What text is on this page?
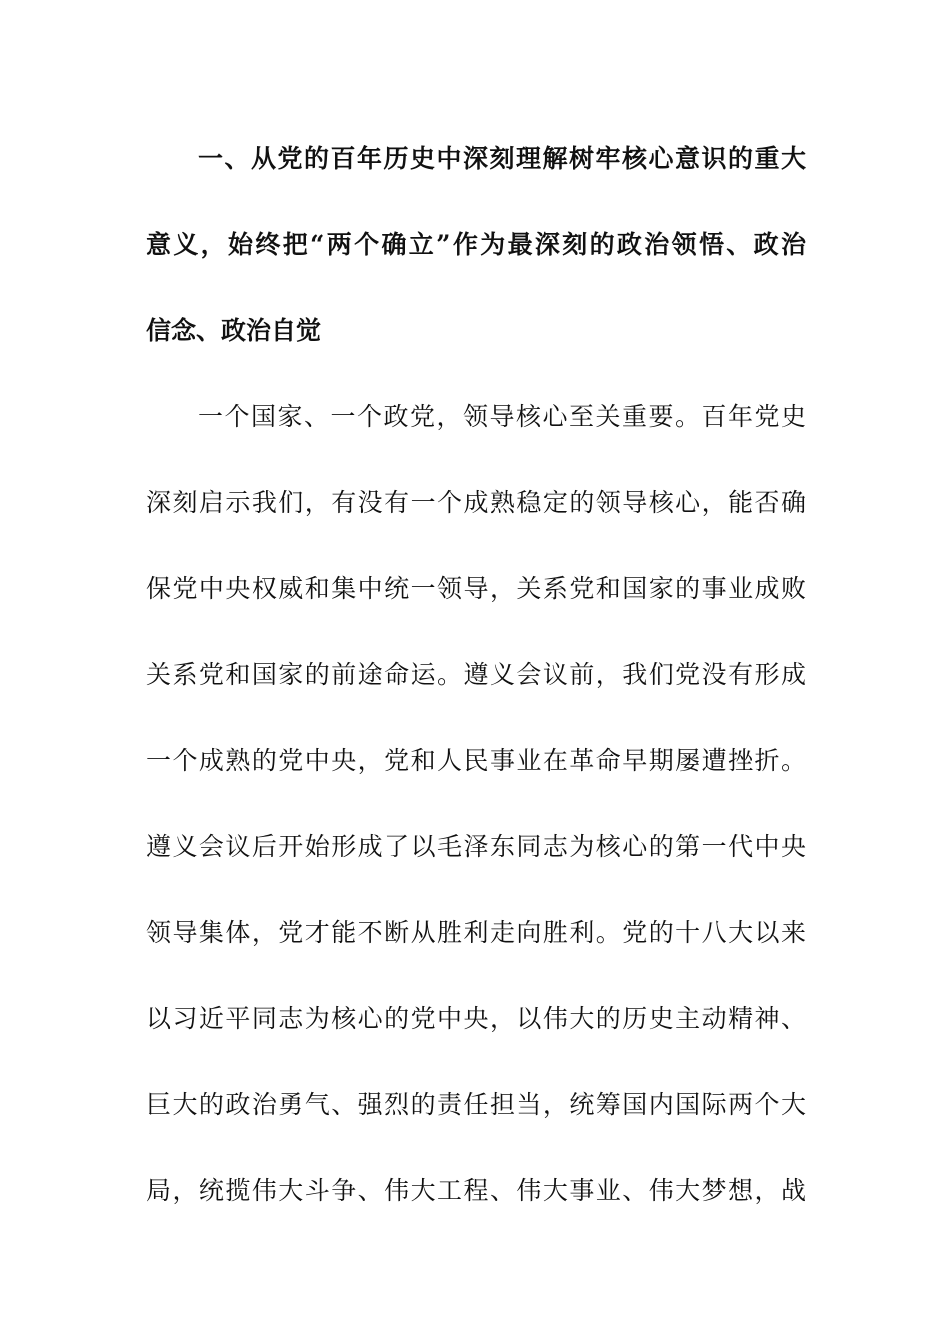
一、从党的百年历史中深刻理解树牢核心意识的重大
意义，始终把“两个确立”作为最深刻的政治领悟、政治
信念、政治自觉
一个国家、一个政党，领导核心至关重要。百年党史
深刻启示我们，有没有一个成熟稳定的领导核心，能否确
保党中央权威和集中统一领导，关系党和国家的事业成败
关系党和国家的前途命运。遵义会议前，我们党没有形成
一个成熟的党中央，党和人民事业在革命早期屡遭挫折。
遵义会议后开始形成了以毛泽东同志为核心的第一代中央
领导集体，党才能不断从胜利走向胜利。党的十八大以来
以习近平同志为核心的党中央，以伟大的历史主动精神、
巨大的政治勇气、强烈的责任担当，统筹国内国际两个大
局，统揽伟大斗争、伟大工程、伟大事业、伟大梦想，战
